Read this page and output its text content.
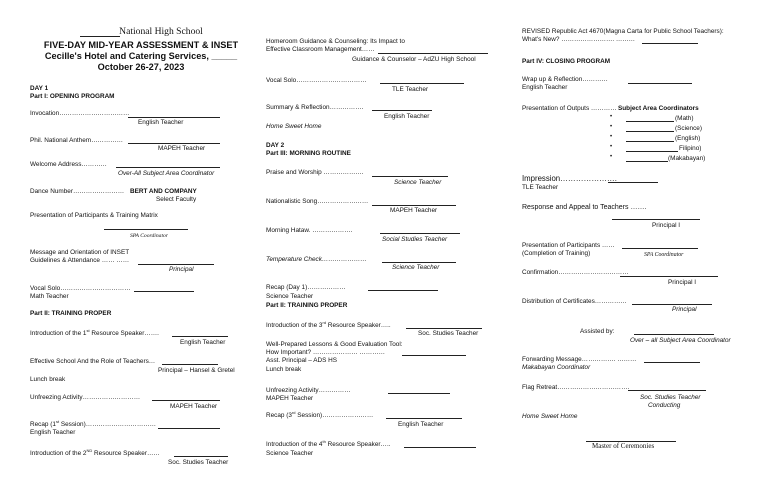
National High School
FIVE-DAY MID-YEAR ASSESSMENT & INSET
Cecille's Hotel and Catering Services, _____
October 26-27, 2023
DAY 1
Part I: OPENING PROGRAM
Invocation……………………………
English Teacher
Phil. National Anthem……………
MAPEH Teacher
Welcome Address…………
Over-All Subject Area Coordinator
Dance Number…………………… BERT AND COMPANY
Select Faculty
Presentation of Participants & Training Matrix
SPA Coordinator
Message and Orientation of INSET
Guidelines & Attendance …… ……
Principal
Vocal Solo……………………………
Math Teacher
Part II: TRAINING PROPER
Introduction of the 1st Resource Speaker…….
English Teacher
Effective School And the Role of Teachers…
Principal – Hansel & Gretel
Lunch break
Unfreezing Activity………………………
MAPEH Teacher
Recap (1st Session)……………………………
English Teacher
Introduction of the 2ND Resource Speaker……
Soc. Studies Teacher
Homeroom Guidance & Counseling: Its Impact to
Effective Classroom Management……
Guidance & Counselor – AdZU High School
Vocal Solo……………………………
TLE Teacher
Summary & Reflection…………….
English Teacher
Home Sweet Home
DAY 2
Part III: MORNING ROUTINE
Praise and Worship ……………….
Science Teacher
Nationalistic Song……………………
MAPEH Teacher
Morning Hataw. ……………….
Social Studies Teacher
Temperature Check…………………
Science Teacher
Recap (Day 1)………………
Science Teacher
Part II: TRAINING PROPER
Introduction of the 3rd Resource Speaker…..
Soc. Studies Teacher
Well-Prepared Lessons & Good Evaluation Tool:
How Important? ………………… …………
Asst. Principal – ADS HS
Lunch break
Unfreezing Activity……………
MAPEH Teacher
Recap (3rd Session)……………………
English Teacher
Introduction of the 4th Resource Speaker…..
Science Teacher
REVISED Republic Act 4670(Magna Carta for Public School Teachers):
What's New? ……………………. ………
Part IV: CLOSING PROGRAM
Wrap up & Reflection…………
English Teacher
Presentation of Outputs ………… Subject Area Coordinators
•	(Math)
•	(Science)
•	(English)
•	Filipino)
•	(Makabayan)
Impression………………….
TLE Teacher
Response and Appeal to Teachers …….
Principal I
Presentation of Participants ……
(Completion of Training)	SPA Coordinator
Confirmation……………………………
Principal I
Distribution of Certificates……………
Principal
Assisted by:
Over – all Subject Area Coordinator
Forwarding Message……………. ………
Makabayan Coordinator
Flag Retreat…………………………….
Soc. Studies Teacher
Conducting
Home Sweet Home
Master of Ceremonies
